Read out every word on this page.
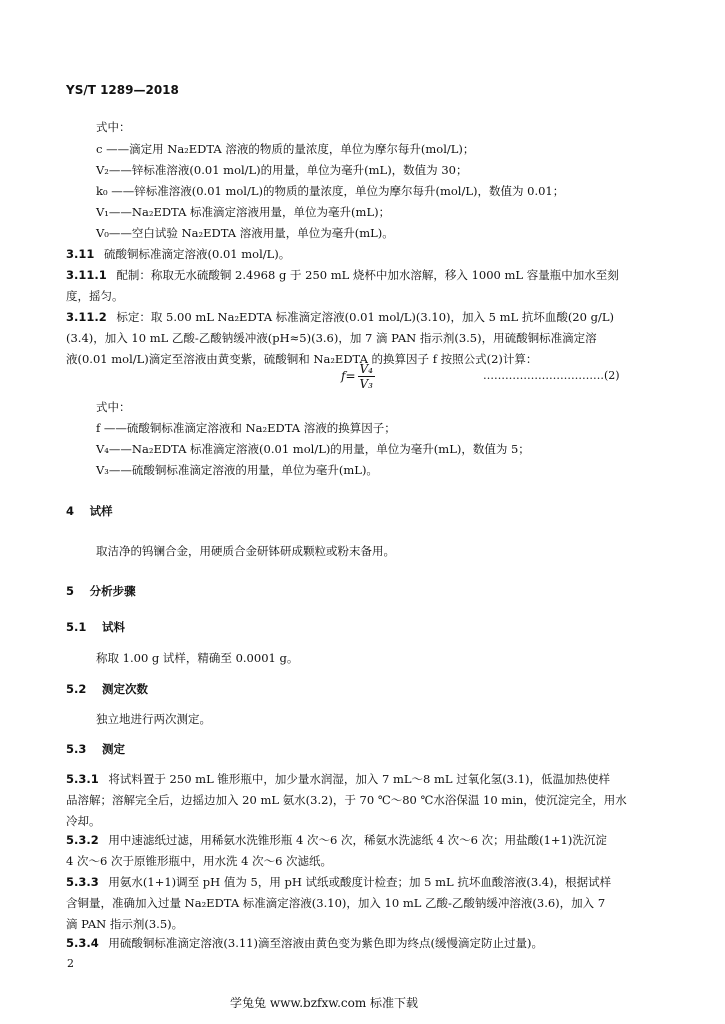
YS/T 1289—2018
式中：
c ——滴定用 Na₂EDTA 溶液的物质的量浓度，单位为摩尔每升(mol/L)；
V₂——锌标准溶液(0.01 mol/L)的用量，单位为毫升(mL)，数值为 30；
k₀ ——锌标准溶液(0.01 mol/L)的物质的量浓度，单位为摩尔每升(mol/L)，数值为 0.01；
V₁——Na₂EDTA 标准滴定溶液用量，单位为毫升(mL)；
V₀——空白试验 Na₂EDTA 溶液用量，单位为毫升(mL)。
3.11 硫酸铜标准滴定溶液(0.01 mol/L)。
3.11.1 配制：称取无水硫酸铜 2.4968 g 于 250 mL 烧杯中加水溶解，移入 1000 mL 容量瓶中加水至刻
度，摇匀。
3.11.2 标定：取 5.00 mL Na₂EDTA 标准滴定溶液(0.01 mol/L)(3.10)，加入 5 mL 抗坏血酸(20 g/L)
(3.4)，加入 10 mL 乙酸-乙酸钠缓冲液(pH≈5)(3.6)，加 7 滴 PAN 指示剂(3.5)，用硫酸铜标准滴定溶
液(0.01 mol/L)滴定至溶液由黄变紫，硫酸铜和 Na₂EDTA 的换算因子 f 按照公式(2)计算：
$f= \frac{\text{V₄}}{\text{V₃}}$	……………………………(2)
式中：
f ——硫酸铜标准滴定溶液和 Na₂EDTA 溶液的换算因子；
V₄——Na₂EDTA 标准滴定溶液(0.01 mol/L)的用量，单位为毫升(mL)，数值为 5；
V₃——硫酸铜标准滴定溶液的用量，单位为毫升(mL)。
4 试样
取洁净的钨镧合金，用硬质合金研钵研成颗粒或粉末备用。
5 分析步骤
5.1 试料
称取 1.00 g 试样，精确至 0.0001 g。
5.2 测定次数
独立地进行两次测定。
5.3 测定
5.3.1 将试料置于 250 mL 锥形瓶中，加少量水润湿，加入 7 mL～8 mL 过氧化氢(3.1)，低温加热使样
品溶解；溶解完全后，边摇边加入 20 mL 氨水(3.2)，于 70 ℃～80 ℃水浴保温 10 min，使沉淀完全，用水
冷却。
5.3.2 用中速滤纸过滤，用稀氨水洗锥形瓶 4 次～6 次，稀氨水洗滤纸 4 次～6 次；用盐酸(1+1)洗沉淀
4 次～6 次于原锥形瓶中，用水洗 4 次～6 次滤纸。
5.3.3 用氨水(1+1)调至 pH 值为 5，用 pH 试纸或酸度计检查；加 5 mL 抗坏血酸溶液(3.4)，根据试样
含铜量，准确加入过量 Na₂EDTA 标准滴定溶液(3.10)，加入 10 mL 乙酸-乙酸钠缓冲溶液(3.6)，加入 7
滴 PAN 指示剂(3.5)。
5.3.4 用硫酸铜标准滴定溶液(3.11)滴至溶液由黄色变为紫色即为终点(缓慢滴定防止过量)。
2
学兔兔 www.bzfxw.com 标准下载
